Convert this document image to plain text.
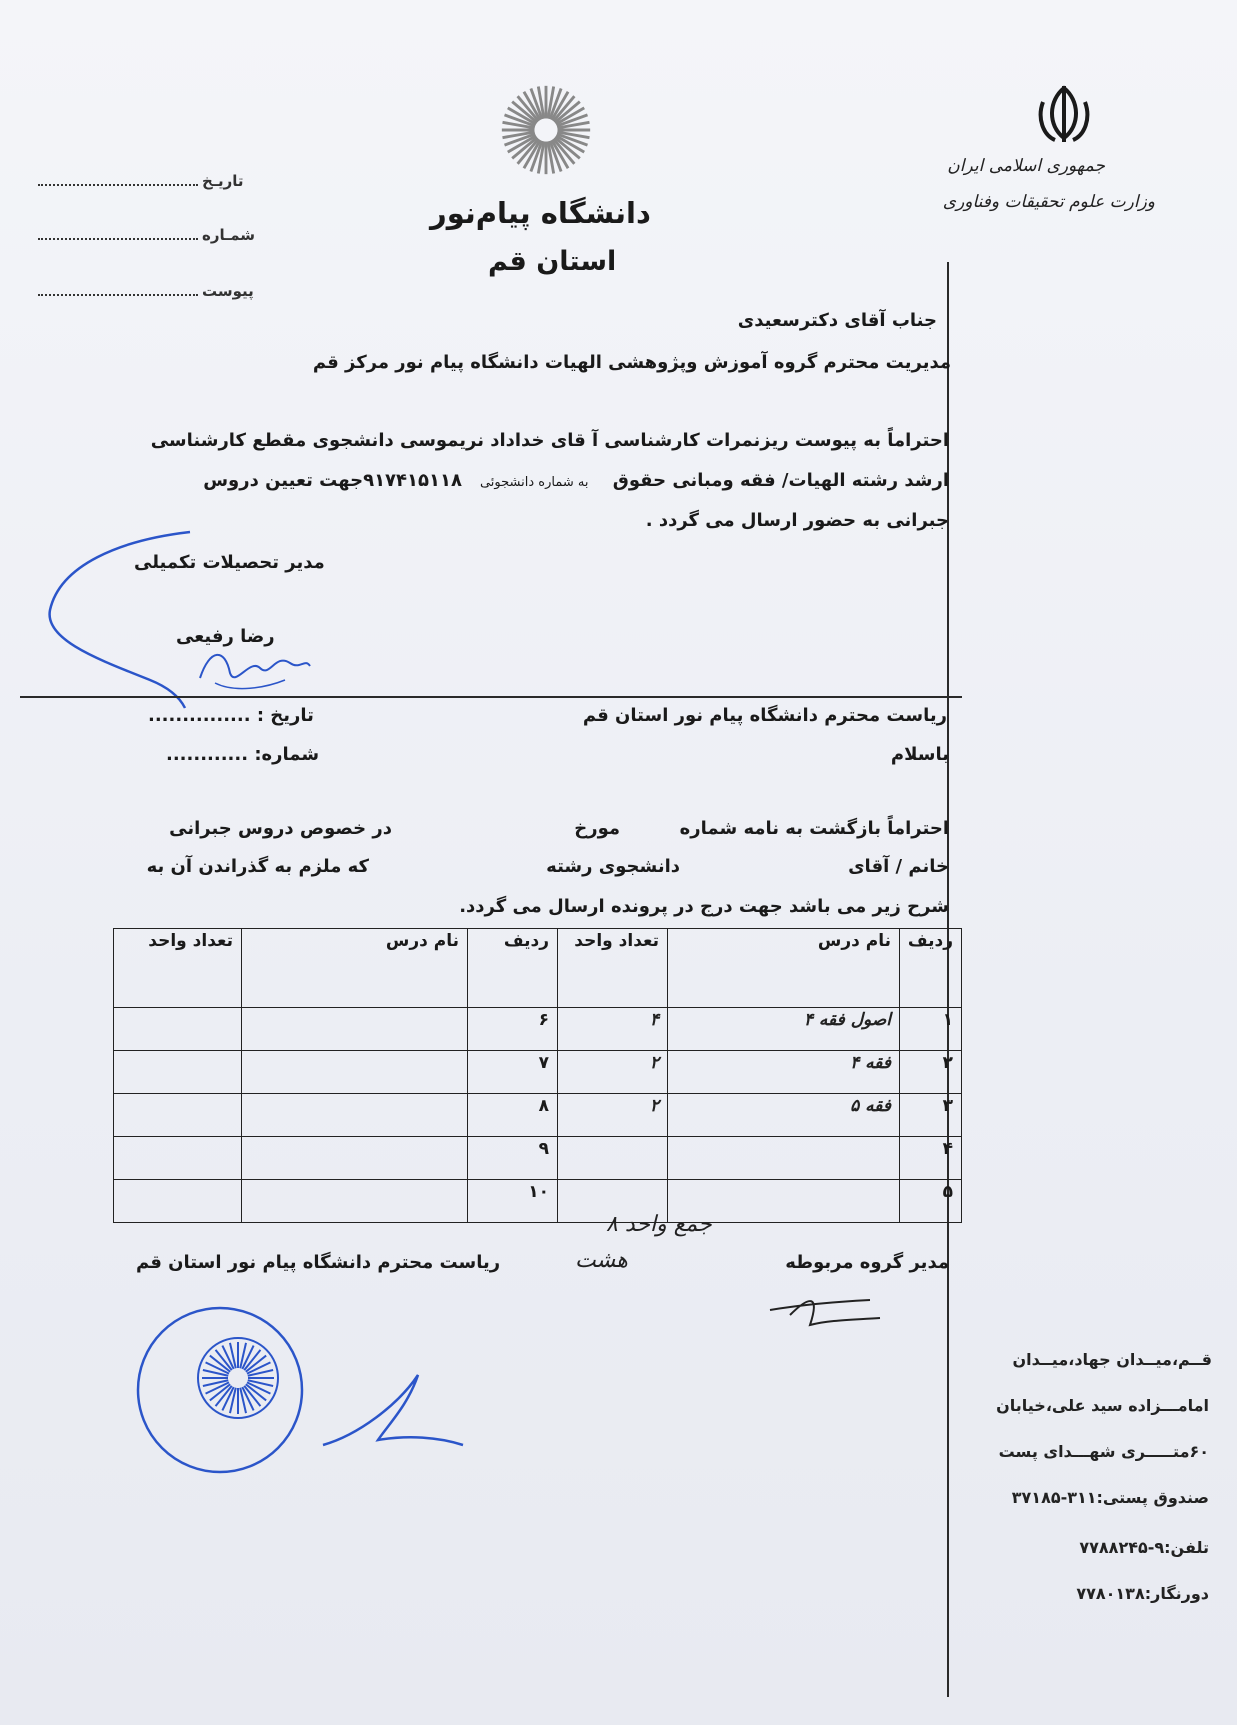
جمهوری اسلامی ایران
وزارت علوم تحقیقات وفناوری
دانشگاه پیام‌نور
استان قم
تاریـخ
شمـاره
پیوست
جناب آقای دکترسعیدی
مدیریت محترم گروه آموزش وپژوهشی الهیات دانشگاه پیام نور مرکز قم
احتراماً به پیوست ریزنمرات کارشناسی آ قای خداداد نریموسی دانشجوی مقطع کارشناسی
ارشد رشته الهیات/ فقه ومبانی حقوق به شماره دانشجوئی۹۱۷۴۱۵۱۱۸جهت تعیین دروس
جبرانی به حضور ارسال می گردد .
مدیر تحصیلات تکمیلی
رضا رفیعی
تاریخ : ...............
شماره: ............
ریاست محترم دانشگاه پیام نور استان قم
باسلام
احتراماً بازگشت به نامه شماره
مورخ
در خصوص دروس جبرانی
خانم / آقای
دانشجوی رشته
که ملزم به گذراندن آن به
شرح زیر می باشد جهت درج در پرونده ارسال می گردد.
ردیف	نام درس	تعداد واحد	ردیف	نام درس	تعداد واحد
۱	اصول فقه ۴	۴	۶		
۲	فقه ۴	۲	۷		
۳	فقه ۵	۲	۸		
۴			۹		
۵			۱۰		
جمع واحد ۸
هشت	مدیر گروه مربوطه
ریاست محترم دانشگاه پیام نور استان قم
قــم،میــدان جهاد،میــدان
امامـــزاده سید علی،خیابان
۶۰متـــــری شهـــدای پست
صندوق پستی:۳۱۱-۳۷۱۸۵
تلفن:۹-۷۷۸۸۲۴۵
دورنگار:۷۷۸۰۱۳۸
